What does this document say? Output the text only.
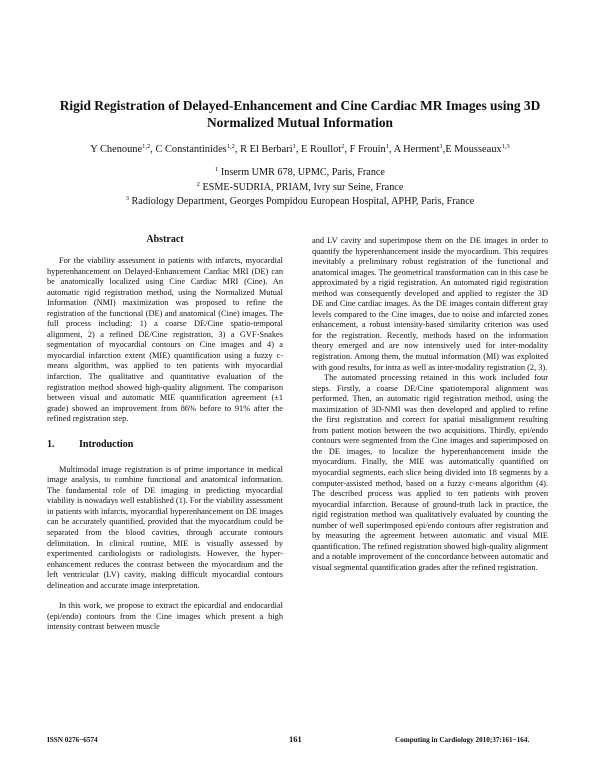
Rigid Registration of Delayed-Enhancement and Cine Cardiac MR Images using 3D Normalized Mutual Information
Y Chenoune$^{1,2}$, C Constantinides$^{1,2}$, R El Berbari$^1$, E Roullot$^2$, F Frouin$^1$, A Herment$^1$,E Mousseaux$^{1,3}$
$^1$ Inserm UMR 678, UPMC, Paris, France
$^2$ ESME-SUDRIA, PRIAM, Ivry sur Seine, France
$^3$ Radiology Department, Georges Pompidou European Hospital, APHP, Paris, France
Abstract

For the viability assessment in patients with infarcts, myocardial hyperenhancement on Delayed-Enhancement Cardiac MRI (DE) can be anatomically localized using Cine Cardiac MRI (Cine). An automatic rigid registration method, using the Normalized Mutual Information (NMI) maximization was proposed to refine the registration of the functional (DE) and anatomical (Cine) images. The full process including: 1) a coarse DE/Cine spatio-temporal alignment, 2) a refined DE/Cine registration, 3) a GVF-Snakes segmentation of myocardial contours on Cine images and 4) a myocardial infarction extent (MIE) quantification using a fuzzy c-means algorithm, was applied to ten patients with myocardial infarction. The qualitative and quantitative evaluation of the registration method showed high-quality alignment. The comparison between visual and automatic MIE quantification agreement (±1 grade) showed an improvement from 86% before to 91% after the refined registration step.

1. Introduction

Multimodal image registration is of prime importance in medical image analysis, to combine functional and anatomical information. The fundamental role of DE imaging in predicting myocardial viability is nowadays well established (1). For the viability assessment in patients with infarcts, myocardial hyperenhancement on DE images can be accurately quantified, provided that the myocardium could be separated from the blood cavities, through accurate contours delimitation. In clinical routine, MIE is visually assessed by experimented cardiologists or radiologists. However, the hyper-enhancement reduces the contrast between the myocardium and the left ventricular (LV) cavity, making difficult myocardial contours delineation and accurate image interpretation.

In this work, we propose to extract the epicardial and endocardial (epi/endo) contours from the Cine images which present a high intensity contrast between muscle

and LV cavity and superimpose them on the DE images in order to quantify the hyperenhancement inside the myocardium. This requires inevitably a preliminary robust registration of the functional and anatomical images. The geometrical transformation can in this case be approximated by a rigid registration. An automated rigid registration method was consequently developed and applied to register the 3D DE and Cine cardiac images. As the DE images contain different gray levels compared to the Cine images, due to noise and infarcted zones enhancement, a robust intensity-based similarity criterion was used for the registration. Recently, methods based on the information theory emerged and are now intensively used for inter-modality registration. Among them, the mutual information (MI) was exploited with good results, for intra as well as inter-modality registration (2, 3).

The automated processing retained in this work included four steps. Firstly, a coarse DE/Cine spatiotemporal alignment was performed. Then, an automatic rigid registration method, using the maximization of 3D-NMI was then developed and applied to refine the first registration and correct for spatial misalignment resulting from patient motion between the two acquisitions. Thirdly, epi/endo contours were segmented from the Cine images and superimposed on the DE images, to localize the hyperenhancement inside the myocardium. Finally, the MIE was automatically quantified on myocardial segments, each slice being divided into 18 segments by a computer-assisted method, based on a fuzzy c-means algorithm (4). The described process was applied to ten patients with proven myocardial infarction. Because of ground-truth lack in practice, the rigid registration method was qualitatively evaluated by counting the number of well superimposed epi/endo contours after registration and by measuring the agreement between automatic and visual MIE quantification. The refined registration showed high-quality alignment and a notable improvement of the concordance between automatic and visual segmental quantification grades after the refined registration.

ISSN 0276−6574	161	Computing in Cardiology 2010;37:161−164.
